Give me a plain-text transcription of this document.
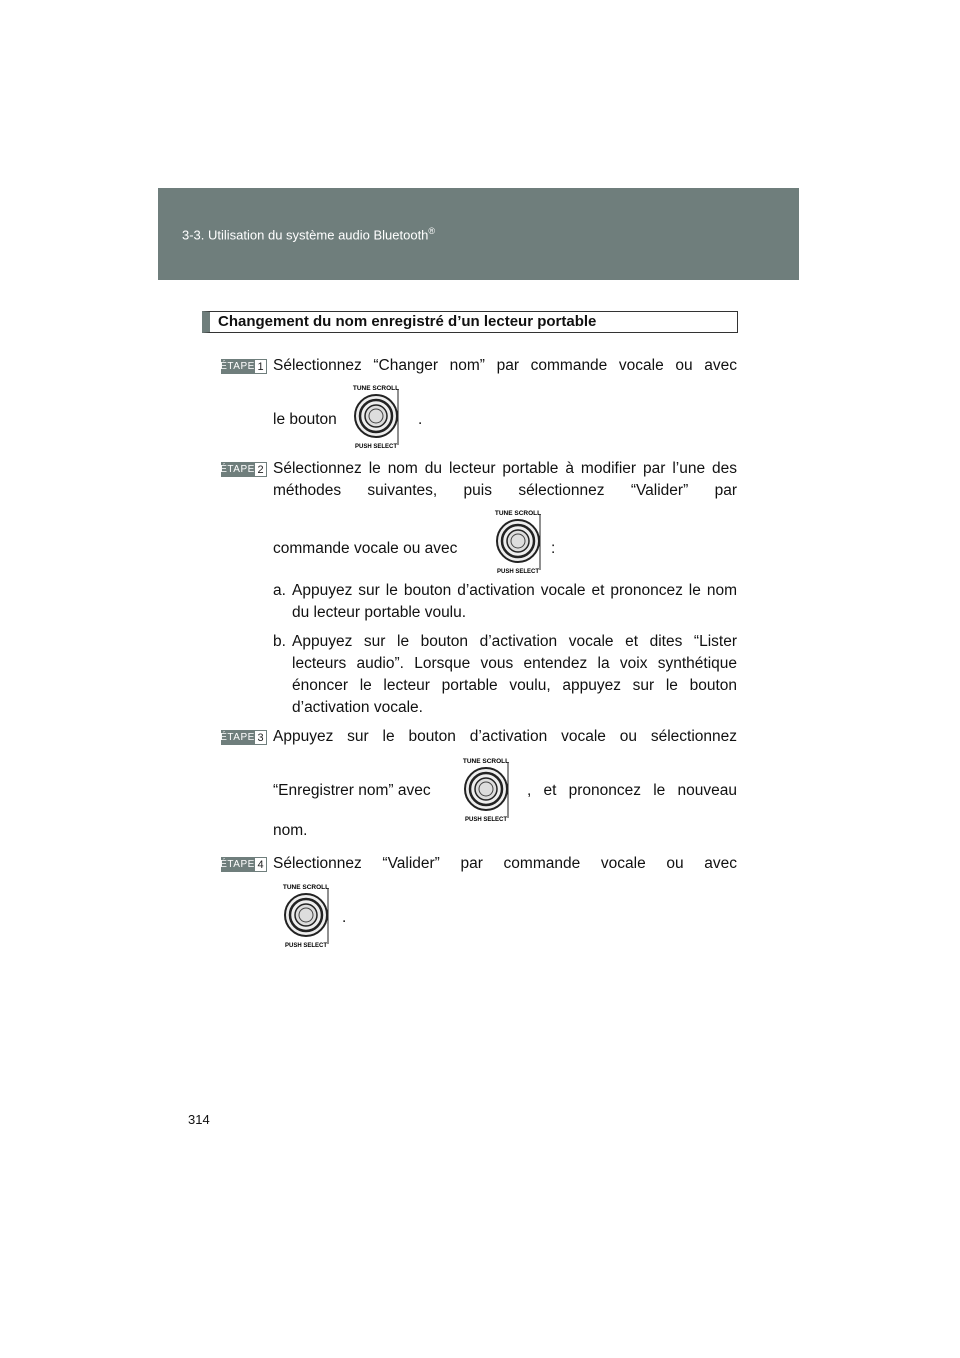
3-3. Utilisation du système audio Bluetooth®
Changement du nom enregistré d’un lecteur portable
ÉTAPE 1 Sélectionnez “Changer nom” par commande vocale ou avec
le bouton
TUNE SCROLL
PUSH SELECT
.
ÉTAPE 2 Sélectionnez le nom du lecteur portable à modifier par l’une des méthodes suivantes, puis sélectionnez “Valider” par
commande vocale ou avec
TUNE SCROLL
PUSH SELECT
:
a. Appuyez sur le bouton d’activation vocale et prononcez le nom du lecteur portable voulu.
b. Appuyez sur le bouton d’activation vocale et dites “Lister lecteurs audio”. Lorsque vous entendez la voix synthétique énoncer le lecteur portable voulu, appuyez sur le bouton d’activation vocale.
ÉTAPE 3 Appuyez sur le bouton d’activation vocale ou sélectionnez
“Enregistrer nom” avec
TUNE SCROLL
PUSH SELECT
, et prononcez le nouveau
nom.
ÉTAPE 4 Sélectionnez “Valider” par commande vocale ou avec
TUNE SCROLL
PUSH SELECT
.
314
